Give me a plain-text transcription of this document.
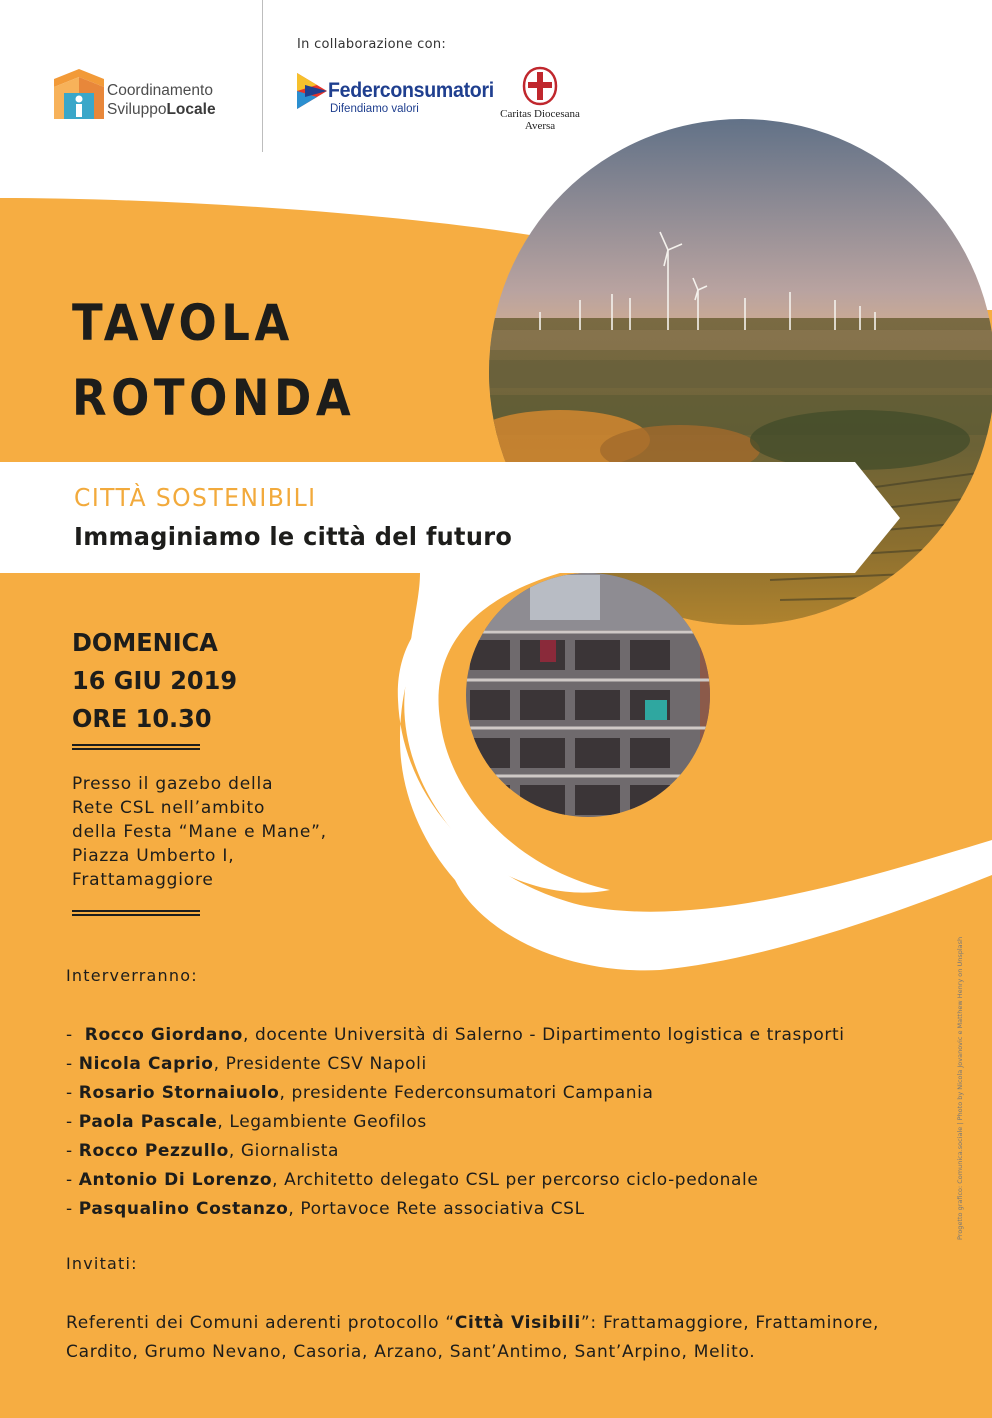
Coordinamento
SviluppoLocale
In collaborazione con:
Federconsumatori
Difendiamo valori	Caritas Diocesana
Aversa
TAVOLA
ROTONDA
CITTÀ SOSTENIBILI
Immaginiamo le città del futuro
DOMENICA
16 GIU 2019
ORE 10.30
Presso il gazebo della
Rete CSL nell’ambito
della Festa “Mane e Mane”,
Piazza Umberto I,
Frattamaggiore
Interverranno:
-  Rocco Giordano, docente Università di Salerno - Dipartimento logistica e trasporti
- Nicola Caprio, Presidente CSV Napoli
- Rosario Stornaiuolo, presidente Federconsumatori Campania
- Paola Pascale, Legambiente Geofilos
- Rocco Pezzullo, Giornalista
- Antonio Di Lorenzo, Architetto delegato CSL per percorso ciclo-pedonale
- Pasqualino Costanzo, Portavoce Rete associativa CSL
Invitati:
Referenti dei Comuni aderenti protocollo “Città Visibili”: Frattamaggiore, Frattaminore, Cardito, Grumo Nevano, Casoria, Arzano, Sant’Antimo, Sant’Arpino, Melito.
Progetto grafico: Comunica.sociale | Photo by Nicola Jovanovic e Matthew Henry on Unsplash
